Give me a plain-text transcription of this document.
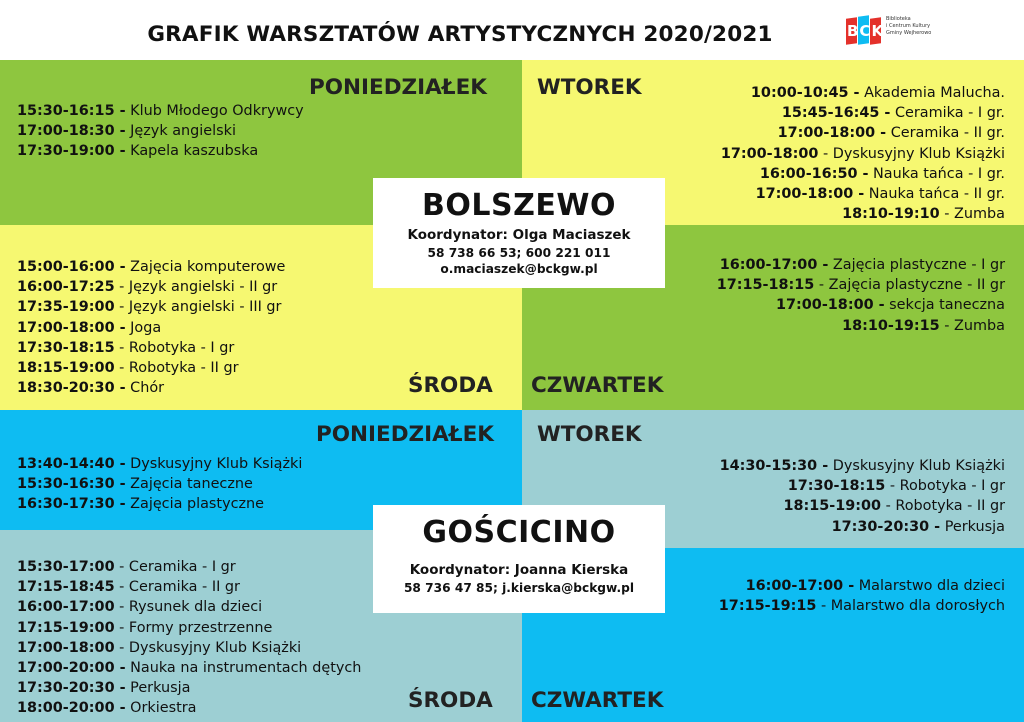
GRAFIK WARSZTATÓW ARTYSTYCZNYCH 2020/2021	BCK
Biblioteka
i Centrum Kultury
Gminy Wejherowo
PONIEDZIAŁEK WTOREK
ŚRODA CZWARTEK
15:30-16:15 - Klub Młodego Odkrywcy
17:00-18:30 - Język angielski
17:30-19:00 - Kapela kaszubska
10:00-10:45 - Akademia Malucha.
15:45-16:45 - Ceramika - I gr.
17:00-18:00 - Ceramika - II gr.
17:00-18:00 - Dyskusyjny Klub Książki
16:00-16:50 - Nauka tańca - I gr.
17:00-18:00 - Nauka tańca - II gr.
18:10-19:10 - Zumba
15:00-16:00 - Zajęcia komputerowe
16:00-17:25 - Język angielski - II gr
17:35-19:00 - Język angielski - III gr
17:00-18:00 - Joga
17:30-18:15 - Robotyka - I gr
18:15-19:00 - Robotyka - II gr
18:30-20:30 - Chór
16:00-17:00 - Zajęcia plastyczne - I gr
17:15-18:15 - Zajęcia plastyczne - II gr
17:00-18:00 - sekcja taneczna
18:10-19:15 - Zumba
BOLSZEWO
Koordynator: Olga Maciaszek
58 738 66 53; 600 221 011
o.maciaszek@bckgw.pl
PONIEDZIAŁEK WTOREK
ŚRODA CZWARTEK
13:40-14:40 - Dyskusyjny Klub Książki
15:30-16:30 - Zajęcia taneczne
16:30-17:30 - Zajęcia plastyczne
14:30-15:30 - Dyskusyjny Klub Książki
17:30-18:15 - Robotyka - I gr
18:15-19:00 - Robotyka - II gr
17:30-20:30 - Perkusja
15:30-17:00 - Ceramika - I gr
17:15-18:45 - Ceramika - II gr
16:00-17:00 - Rysunek dla dzieci
17:15-19:00 - Formy przestrzenne
17:00-18:00 - Dyskusyjny Klub Książki
17:00-20:00 - Nauka na instrumentach dętych
17:30-20:30 - Perkusja
18:00-20:00 - Orkiestra
16:00-17:00 - Malarstwo dla dzieci
17:15-19:15 - Malarstwo dla dorosłych
GOŚCICINO
Koordynator: Joanna Kierska
58 736 47 85; j.kierska@bckgw.pl
